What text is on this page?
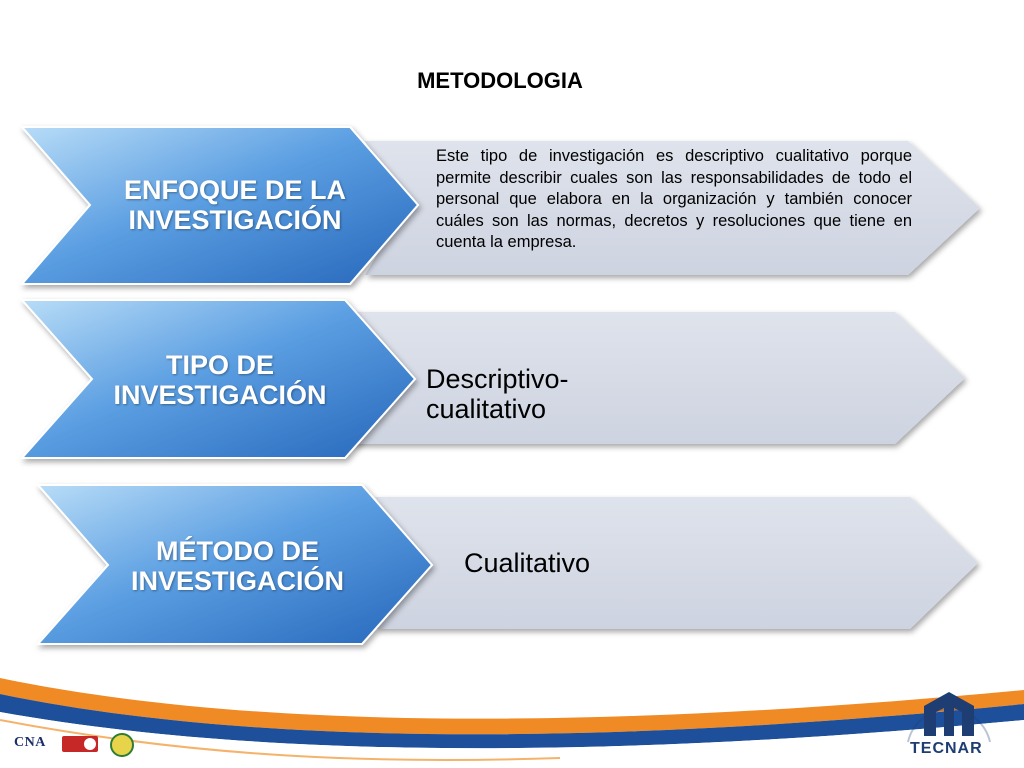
METODOLOGIA
ENFOQUE DE LA INVESTIGACIÓN
Este tipo de investigación es descriptivo cualitativo porque permite describir cuales son las responsabilidades de todo el personal que elabora en la organización y también conocer cuáles son las normas, decretos y resoluciones que tiene en cuenta la empresa.
TIPO DE INVESTIGACIÓN
Descriptivo-cualitativo
MÉTODO DE INVESTIGACIÓN
Cualitativo
CNA	TECNAR
